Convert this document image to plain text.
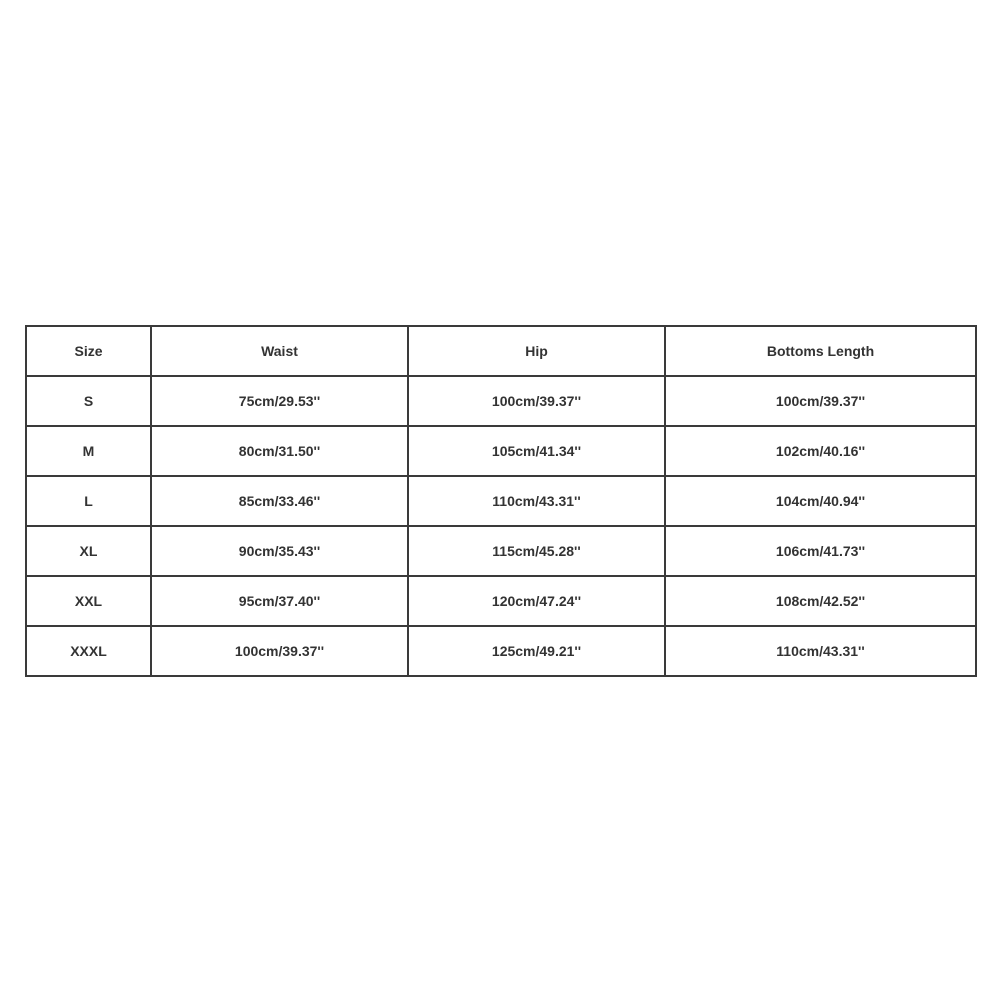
Size	Waist	Hip	Bottoms Length
S	75cm/29.53''	100cm/39.37''	100cm/39.37''
M	80cm/31.50''	105cm/41.34''	102cm/40.16''
L	85cm/33.46''	110cm/43.31''	104cm/40.94''
XL	90cm/35.43''	115cm/45.28''	106cm/41.73''
XXL	95cm/37.40''	120cm/47.24''	108cm/42.52''
XXXL	100cm/39.37''	125cm/49.21''	110cm/43.31''
